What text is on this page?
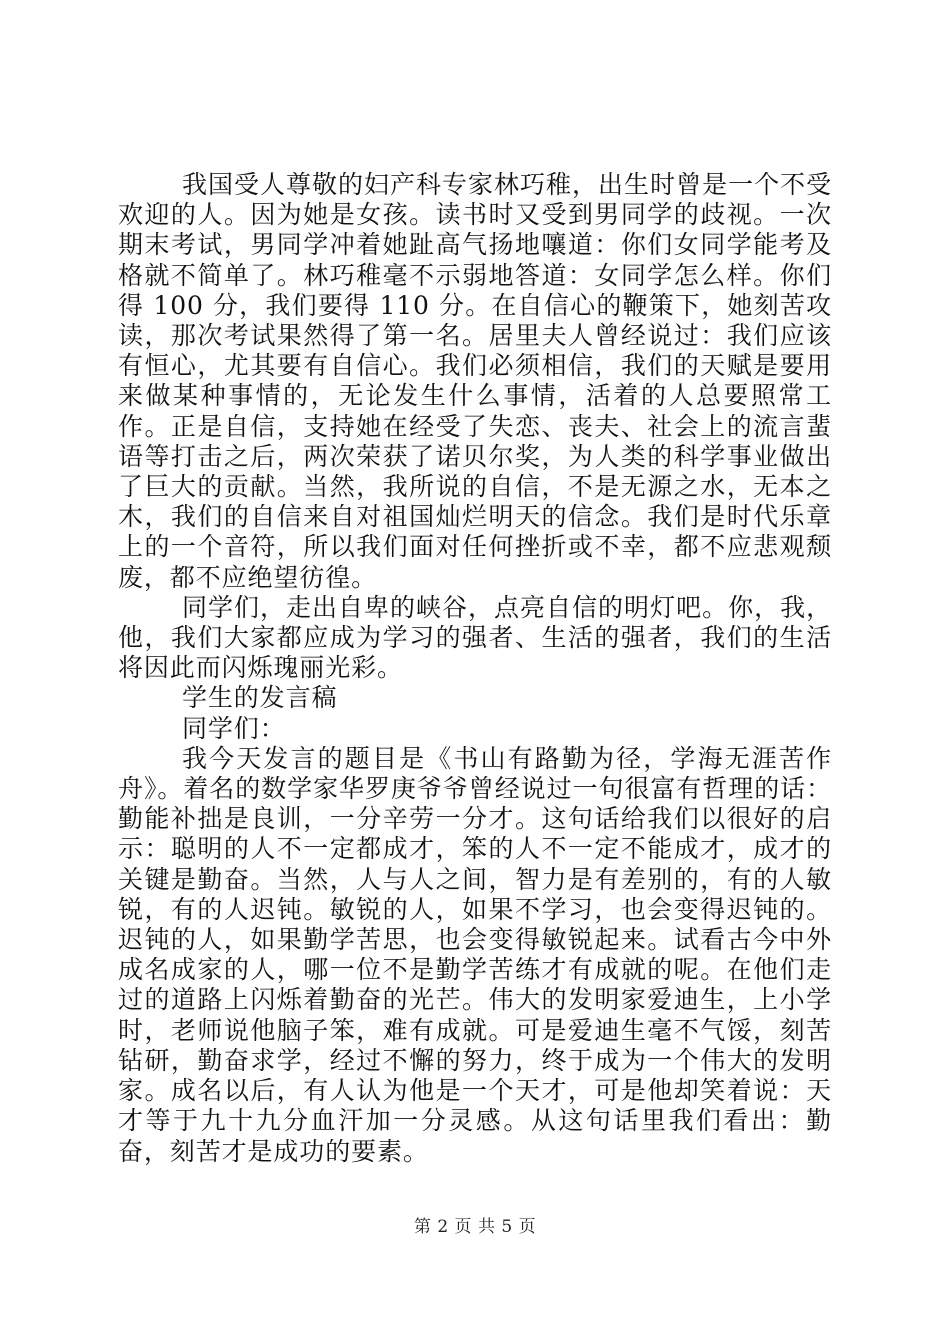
我国受人尊敬的妇产科专家林巧稚，出生时曾是一个不受欢迎的人。因为她是女孩。读书时又受到男同学的歧视。一次期末考试，男同学冲着她趾高气扬地嚷道：你们女同学能考及格就不简单了。林巧稚毫不示弱地答道：女同学怎么样。你们得 100 分，我们要得 110 分。在自信心的鞭策下，她刻苦攻读，那次考试果然得了第一名。居里夫人曾经说过：我们应该有恒心，尤其要有自信心。我们必须相信，我们的天赋是要用来做某种事情的，无论发生什么事情，活着的人总要照常工作。正是自信，支持她在经受了失恋、丧夫、社会上的流言蜚语等打击之后，两次荣获了诺贝尔奖，为人类的科学事业做出了巨大的贡献。当然，我所说的自信，不是无源之水，无本之木，我们的自信来自对祖国灿烂明天的信念。我们是时代乐章上的一个音符，所以我们面对任何挫折或不幸，都不应悲观颓废，都不应绝望彷徨。

同学们，走出自卑的峡谷，点亮自信的明灯吧。你，我，他，我们大家都应成为学习的强者、生活的强者，我们的生活将因此而闪烁瑰丽光彩。

学生的发言稿

同学们：

我今天发言的题目是《书山有路勤为径，学海无涯苦作舟》。着名的数学家华罗庚爷爷曾经说过一句很富有哲理的话：勤能补拙是良训，一分辛劳一分才。这句话给我们以很好的启示：聪明的人不一定都成才，笨的人不一定不能成才，成才的关键是勤奋。当然，人与人之间，智力是有差别的，有的人敏锐，有的人迟钝。敏锐的人，如果不学习，也会变得迟钝的。迟钝的人，如果勤学苦思，也会变得敏锐起来。试看古今中外成名成家的人，哪一位不是勤学苦练才有成就的呢。在他们走过的道路上闪烁着勤奋的光芒。伟大的发明家爱迪生，上小学时，老师说他脑子笨，难有成就。可是爱迪生毫不气馁，刻苦钻研，勤奋求学，经过不懈的努力，终于成为一个伟大的发明家。成名以后，有人认为他是一个天才，可是他却笑着说：天才等于九十九分血汗加一分灵感。从这句话里我们看出：勤奋，刻苦才是成功的要素。

第 2 页 共 5 页
